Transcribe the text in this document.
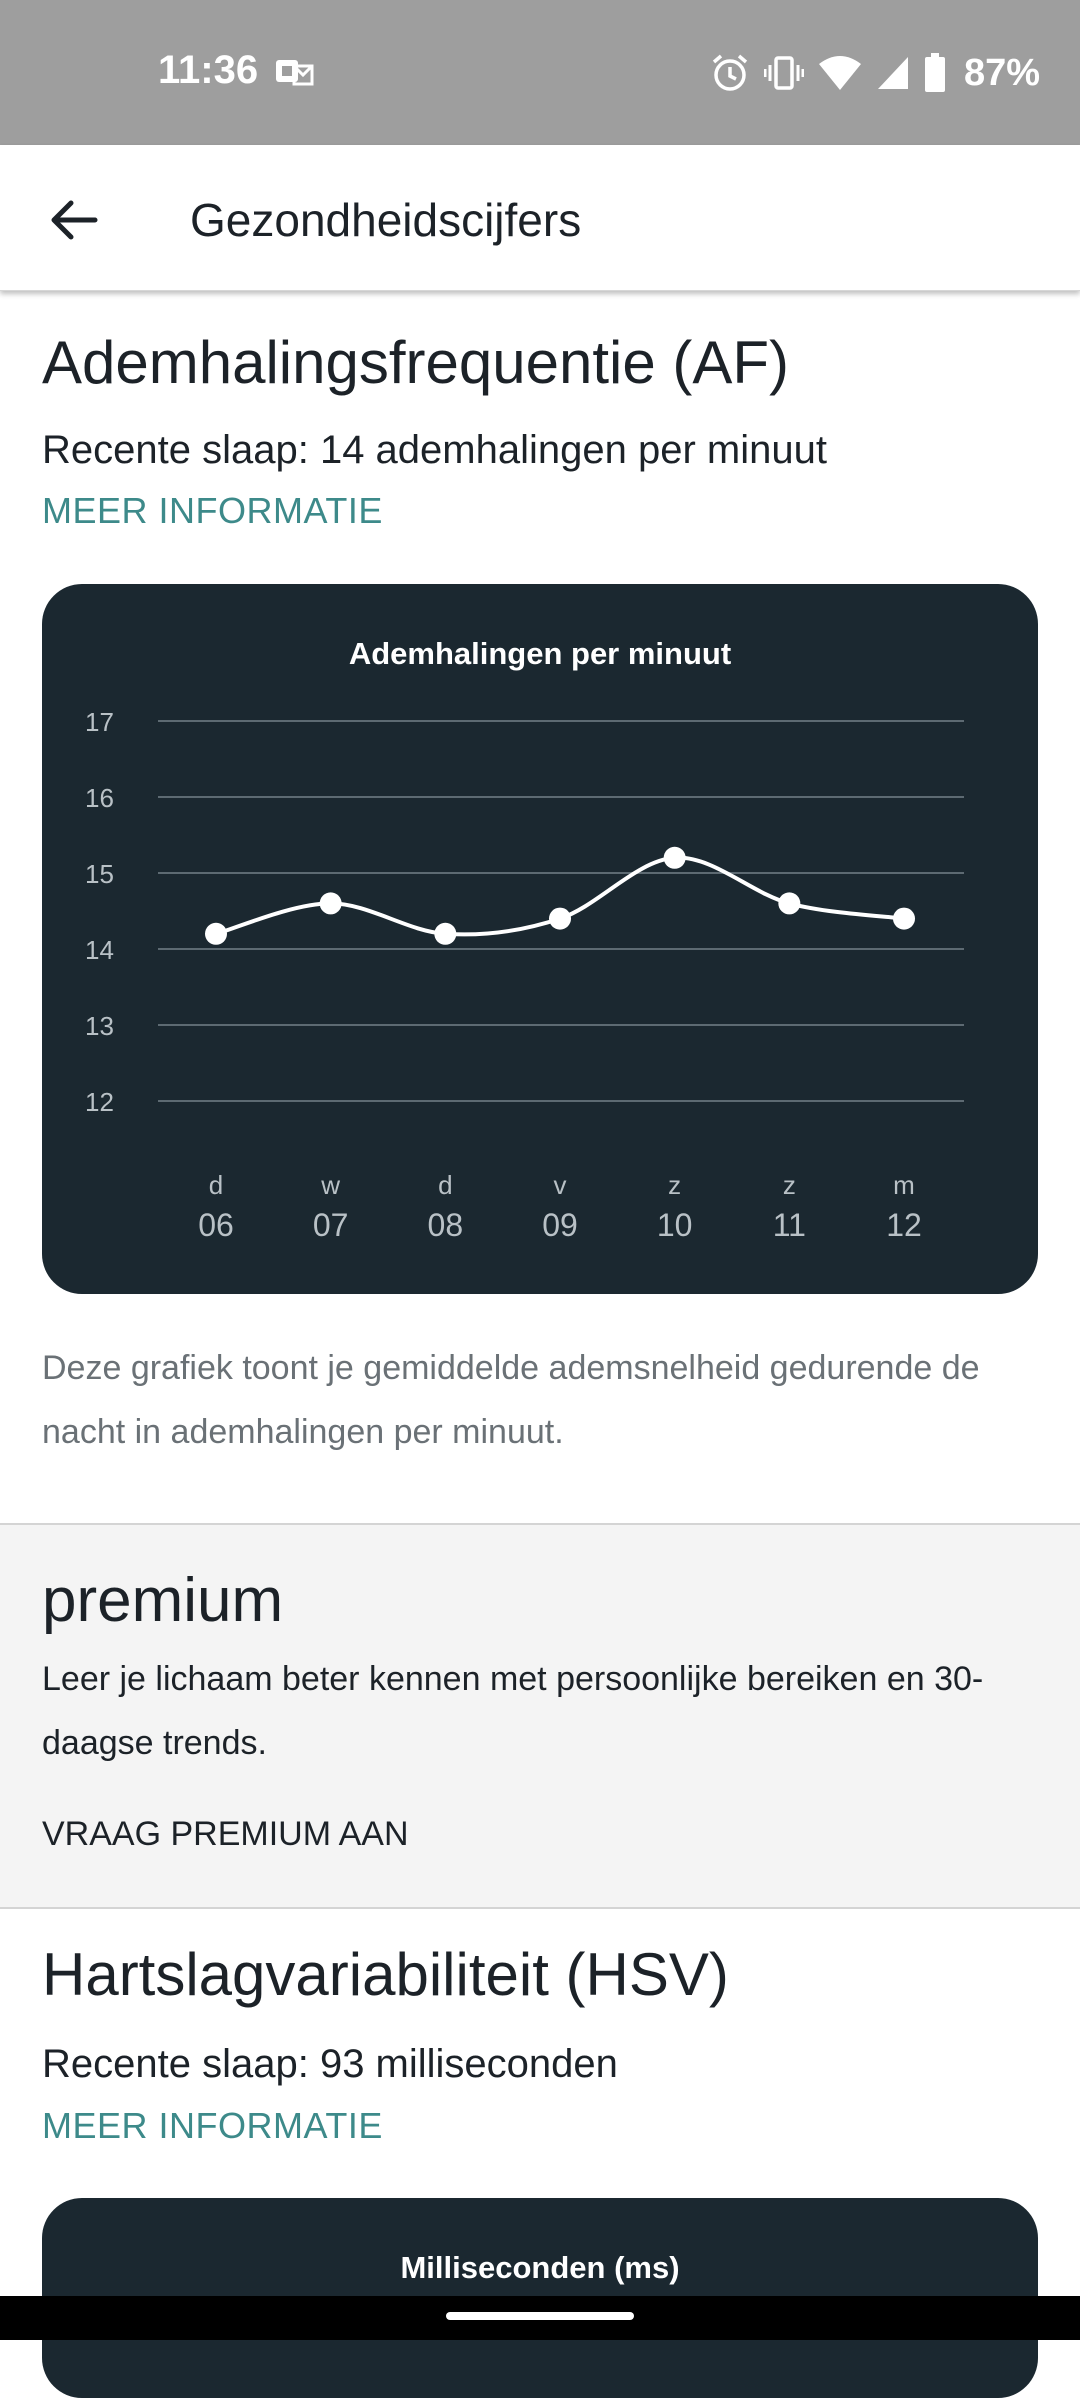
11:36	87%
Gezondheidscijfers
Ademhalingsfrequentie (AF)
Recente slaap: 14 ademhalingen per minuut
MEER INFORMATIE
Ademhalingen per minuut
17
16
15
14
13
12
d
06
w
07
d
08
v
09
z
10
z
11
m
12
Deze grafiek toont je gemiddelde ademsnelheid gedurende de nacht in ademhalingen per minuut.
premium
Leer je lichaam beter kennen met persoonlijke bereiken en 30-daagse trends.
VRAAG PREMIUM AAN
Hartslagvariabiliteit (HSV)
Recente slaap: 93 milliseconden
MEER INFORMATIE
Milliseconden (ms)
